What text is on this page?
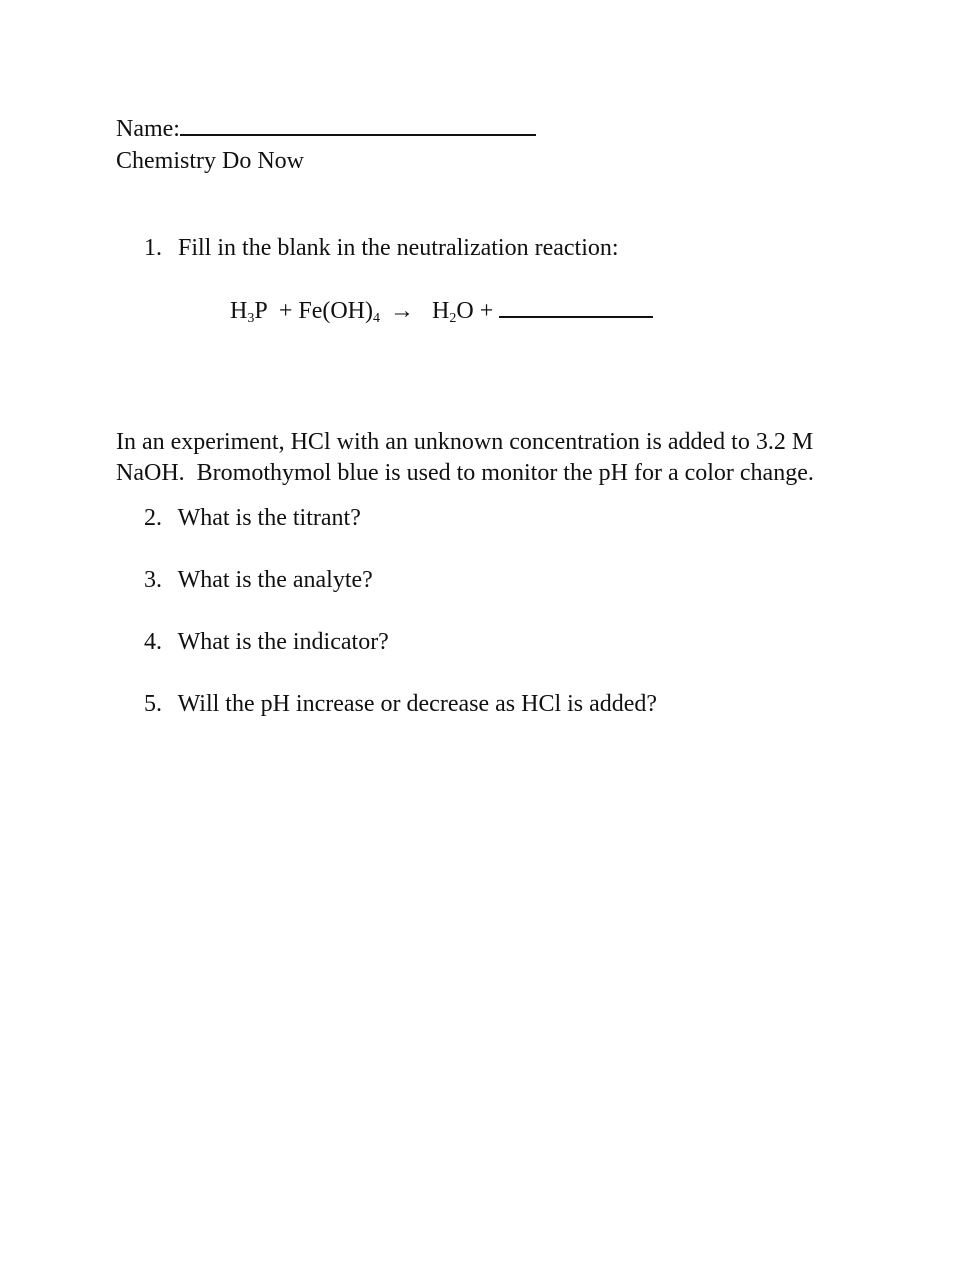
Name:
Chemistry Do Now
1. Fill in the blank in the neutralization reaction:
$H_3P + Fe(OH)_4 \to H_2O$ +
In an experiment, HCl with an unknown concentration is added to 3.2 M
NaOH.  Bromothymol blue is used to monitor the pH for a color change.
2. What is the titrant?
3. What is the analyte?
4. What is the indicator?
5. Will the pH increase or decrease as HCl is added?
